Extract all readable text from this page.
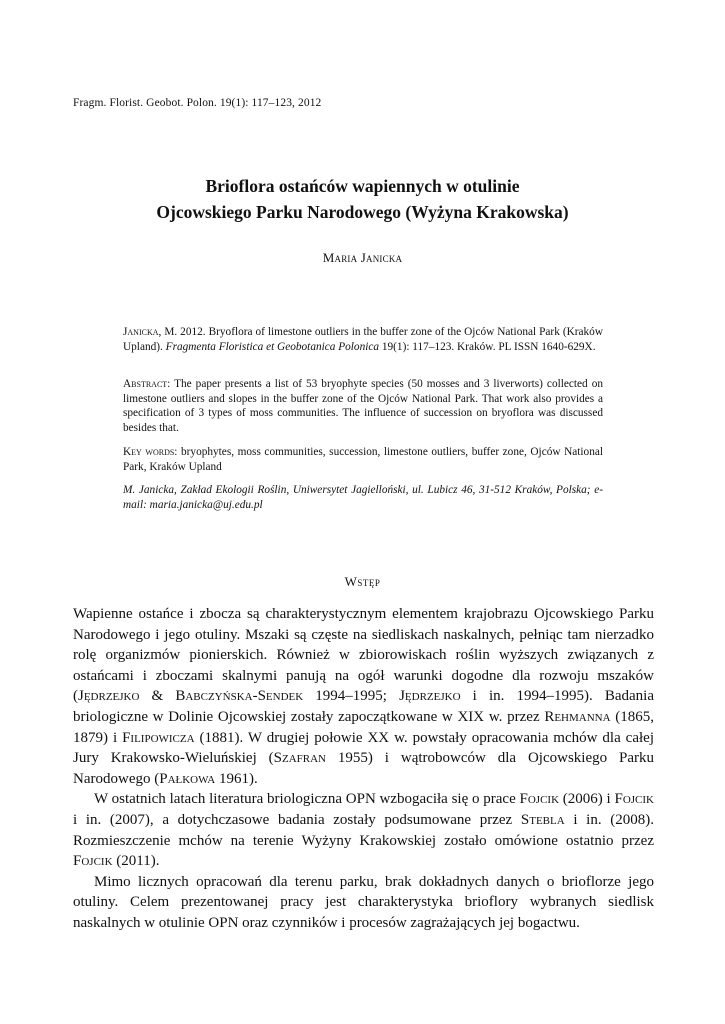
Fragm. Florist. Geobot. Polon. 19(1): 117–123, 2012
Brioflora ostańców wapiennych w otulinie
Ojcowskiego Parku Narodowego (Wyżyna Krakowska)
Maria Janicka
Janicka, M. 2012. Bryoflora of limestone outliers in the buffer zone of the Ojców National Park (Kraków Upland). Fragmenta Floristica et Geobotanica Polonica 19(1): 117–123. Kraków. PL ISSN 1640-629X.
Abstract: The paper presents a list of 53 bryophyte species (50 mosses and 3 liverworts) collected on limestone outliers and slopes in the buffer zone of the Ojców National Park. That work also provides a specification of 3 types of moss communities. The influence of succession on bryoflora was discussed besides that.
Key words: bryophytes, moss communities, succession, limestone outliers, buffer zone, Ojców National Park, Kraków Upland
M. Janicka, Zakład Ekologii Roślin, Uniwersytet Jagielloński, ul. Lubicz 46, 31-512 Kraków, Polska; e-mail: maria.janicka@uj.edu.pl
Wstęp

Wapienne ostańce i zbocza są charakterystycznym elementem krajobrazu Ojcowskiego Parku Narodowego i jego otuliny. Mszaki są częste na siedliskach naskalnych, pełniąc tam nierzadko rolę organizmów pionierskich. Również w zbiorowiskach roślin wyższych związanych z ostańcami i zboczami skalnymi panują na ogół warunki dogodne dla rozwoju mszaków (Jędrzejko & Babczyńska-Sendek 1994–1995; Jędrzejko i in. 1994–1995). Badania briologiczne w Dolinie Ojcowskiej zostały zapoczątkowane w XIX w. przez Rehmanna (1865, 1879) i Filipowicza (1881). W drugiej połowie XX w. powstały opracowania mchów dla całej Jury Krakowsko-Wieluńskiej (Szafran 1955) i wątrobowców dla Ojcowskiego Parku Narodowego (Pałkowa 1961).

W ostatnich latach literatura briologiczna OPN wzbogaciła się o prace Fojcik (2006) i Fojcik i in. (2007), a dotychczasowe badania zostały podsumowane przez Stebla i in. (2008). Rozmieszczenie mchów na terenie Wyżyny Krakowskiej zostało omówione ostatnio przez Fojcik (2011).

Mimo licznych opracowań dla terenu parku, brak dokładnych danych o brioflorze jego otuliny. Celem prezentowanej pracy jest charakterystyka brioflory wybranych siedlisk naskalnych w otulinie OPN oraz czynników i procesów zagrażających jej bogactwu.
